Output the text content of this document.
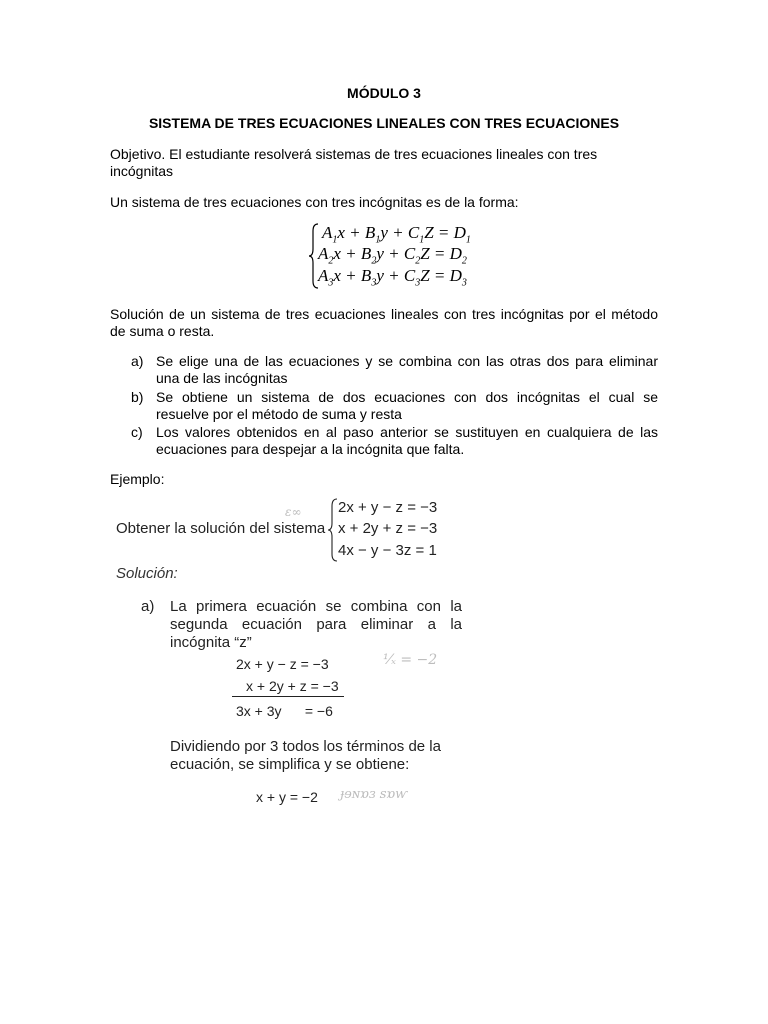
MÓDULO 3
SISTEMA DE TRES ECUACIONES LINEALES CON TRES ECUACIONES
Objetivo. El estudiante resolverá sistemas de tres ecuaciones lineales con tres
incógnitas
Un sistema de tres ecuaciones con tres incógnitas es de la forma:
$A_1x + B_1y + C_1Z = D_1$
$A_2x + B_2y + C_2Z = D_2$
$A_3x + B_3y + C_3Z = D_3$
Solución de un sistema de tres ecuaciones lineales con tres incógnitas por el método
de suma o resta.
a) Se elige una de las ecuaciones y se combina con las otras dos para eliminar
una de las incógnitas
b) Se obtiene un sistema de dos ecuaciones con dos incógnitas el cual se
resuelve por el método de suma y resta
c) Los valores obtenidos en al paso anterior se sustituyen en cualquiera de las
ecuaciones para despejar a la incógnita que falta.
Ejemplo:
Obtener la solución del sistema
ε∞ 2x + y − z = −3
x + 2y + z = −3
4x − y − 3z = 1
Solución:
a) La primera ecuación se combina con la
segunda ecuación para eliminar a la
incógnita “z”
2x + y − z = −3	⅟ₓ = −2
x + 2y + z = −3
3x + 3y      = −6
Dividiendo por 3 todos los términos de la
ecuación, se simplifica y se obtiene:
x + y = −2 ɟɘɴɒɜ ꜱɒⱳ
